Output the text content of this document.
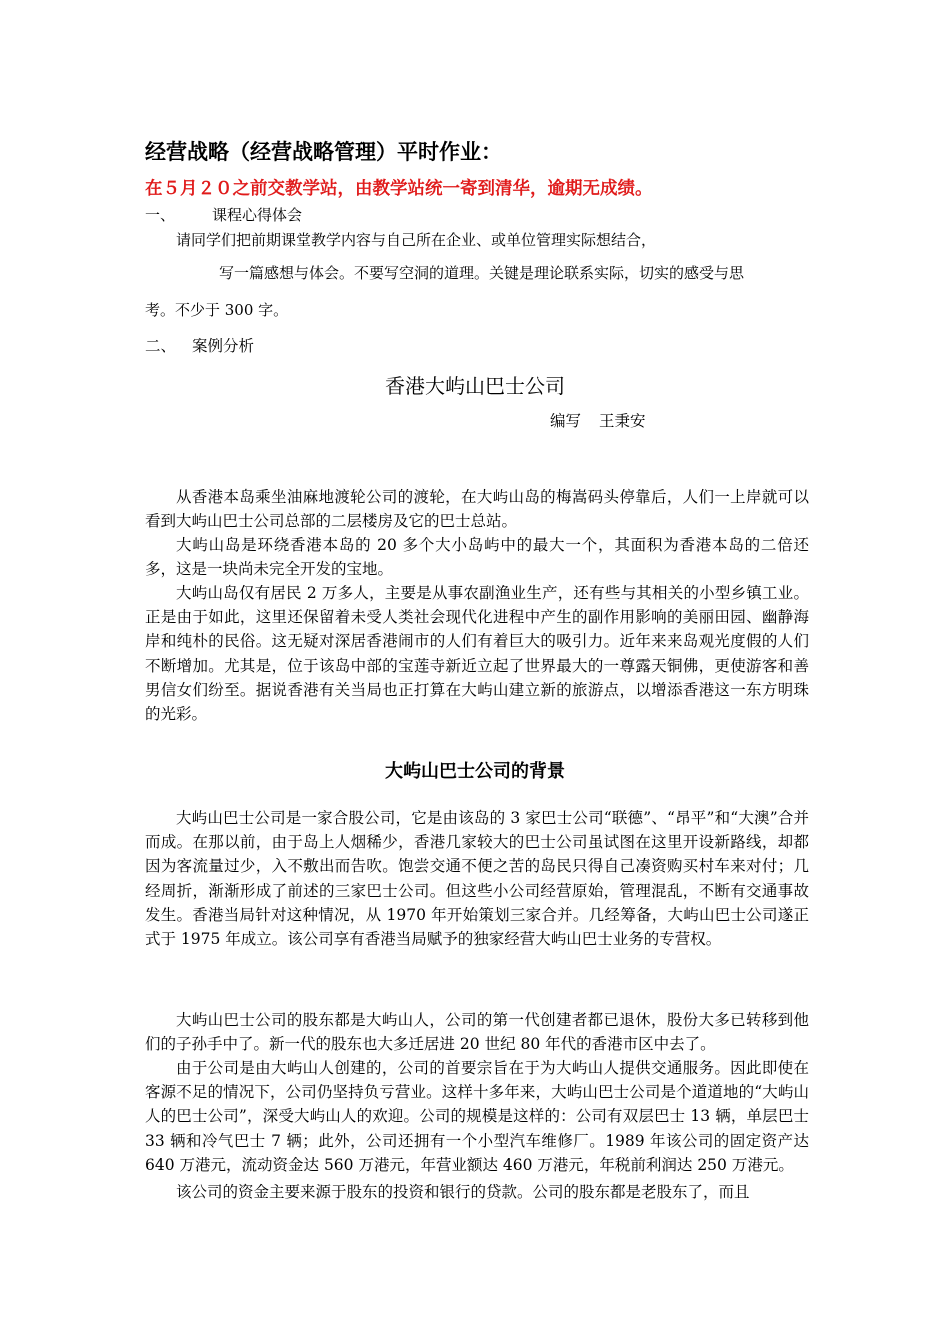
经营战略（经营战略管理）平时作业：
在５月２０之前交教学站，由教学站统一寄到清华，逾期无成绩。
一、 课程心得体会
请同学们把前期课堂教学内容与自己所在企业、或单位管理实际想结合，
写一篇感想与体会。不要写空洞的道理。关键是理论联系实际，切实的感受与思
考。不少于 300 字。
二、 案例分析
香港大屿山巴士公司
编写 王秉安

从香港本岛乘坐油麻地渡轮公司的渡轮，在大屿山岛的梅嵩码头停靠后，人们一上岸就可以看到大屿山巴士公司总部的二层楼房及它的巴士总站。

大屿山岛是环绕香港本岛的 20 多个大小岛屿中的最大一个，其面积为香港本岛的二倍还多，这是一块尚未完全开发的宝地。

大屿山岛仅有居民 2 万多人，主要是从事农副渔业生产，还有些与其相关的小型乡镇工业。正是由于如此，这里还保留着未受人类社会现代化进程中产生的副作用影响的美丽田园、幽静海岸和纯朴的民俗。这无疑对深居香港闹市的人们有着巨大的吸引力。近年来来岛观光度假的人们不断增加。尤其是，位于该岛中部的宝莲寺新近立起了世界最大的一尊露天铜佛，更使游客和善男信女们纷至。据说香港有关当局也正打算在大屿山建立新的旅游点，以增添香港这一东方明珠的光彩。

大屿山巴士公司的背景

大屿山巴士公司是一家合股公司，它是由该岛的 3 家巴士公司“联德”、“昂平”和“大澳”合并而成。在那以前，由于岛上人烟稀少，香港几家较大的巴士公司虽试图在这里开设新路线，却都因为客流量过少，入不敷出而告吹。饱尝交通不便之苦的岛民只得自己凑资购买村车来对付；几经周折，渐渐形成了前述的三家巴士公司。但这些小公司经营原始，管理混乱，不断有交通事故发生。香港当局针对这种情况，从 1970 年开始策划三家合并。几经筹备，大屿山巴士公司遂正式于 1975 年成立。该公司享有香港当局赋予的独家经营大屿山巴士业务的专营权。

大屿山巴士公司的股东都是大屿山人，公司的第一代创建者都已退休，股份大多已转移到他们的子孙手中了。新一代的股东也大多迁居进 20 世纪 80 年代的香港市区中去了。

由于公司是由大屿山人创建的，公司的首要宗旨在于为大屿山人提供交通服务。因此即使在客源不足的情况下，公司仍坚持负亏营业。这样十多年来，大屿山巴士公司是个道道地的“大屿山人的巴士公司”，深受大屿山人的欢迎。公司的规模是这样的：公司有双层巴士 13 辆，单层巴士 33 辆和冷气巴士 7 辆；此外，公司还拥有一个小型汽车维修厂。1989 年该公司的固定资产达 640 万港元，流动资金达 560 万港元，年营业额达 460 万港元，年税前利润达 250 万港元。

该公司的资金主要来源于股东的投资和银行的贷款。公司的股东都是老股东了，而且
